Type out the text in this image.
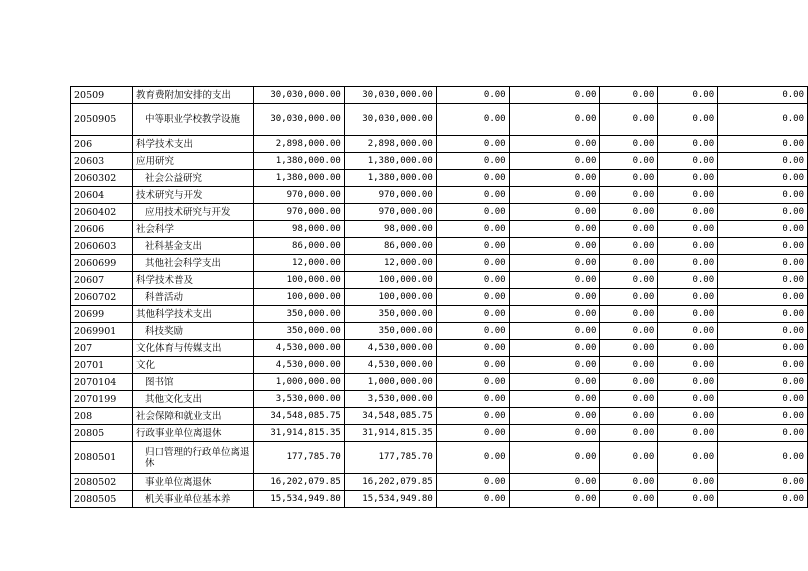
20509	教育费附加安排的支出	30,030,000.00	30,030,000.00	0.00	0.00	0.00	0.00	0.00
2050905	中等职业学校教学设施	30,030,000.00	30,030,000.00	0.00	0.00	0.00	0.00	0.00
206	科学技术支出	2,898,000.00	2,898,000.00	0.00	0.00	0.00	0.00	0.00
20603	应用研究	1,380,000.00	1,380,000.00	0.00	0.00	0.00	0.00	0.00
2060302	社会公益研究	1,380,000.00	1,380,000.00	0.00	0.00	0.00	0.00	0.00
20604	技术研究与开发	970,000.00	970,000.00	0.00	0.00	0.00	0.00	0.00
2060402	应用技术研究与开发	970,000.00	970,000.00	0.00	0.00	0.00	0.00	0.00
20606	社会科学	98,000.00	98,000.00	0.00	0.00	0.00	0.00	0.00
2060603	社科基金支出	86,000.00	86,000.00	0.00	0.00	0.00	0.00	0.00
2060699	其他社会科学支出	12,000.00	12,000.00	0.00	0.00	0.00	0.00	0.00
20607	科学技术普及	100,000.00	100,000.00	0.00	0.00	0.00	0.00	0.00
2060702	科普活动	100,000.00	100,000.00	0.00	0.00	0.00	0.00	0.00
20699	其他科学技术支出	350,000.00	350,000.00	0.00	0.00	0.00	0.00	0.00
2069901	科技奖励	350,000.00	350,000.00	0.00	0.00	0.00	0.00	0.00
207	文化体育与传媒支出	4,530,000.00	4,530,000.00	0.00	0.00	0.00	0.00	0.00
20701	文化	4,530,000.00	4,530,000.00	0.00	0.00	0.00	0.00	0.00
2070104	图书馆	1,000,000.00	1,000,000.00	0.00	0.00	0.00	0.00	0.00
2070199	其他文化支出	3,530,000.00	3,530,000.00	0.00	0.00	0.00	0.00	0.00
208	社会保障和就业支出	34,548,085.75	34,548,085.75	0.00	0.00	0.00	0.00	0.00
20805	行政事业单位离退休	31,914,815.35	31,914,815.35	0.00	0.00	0.00	0.00	0.00
2080501	归口管理的行政单位离退休	177,785.70	177,785.70	0.00	0.00	0.00	0.00	0.00
2080502	事业单位离退休	16,202,079.85	16,202,079.85	0.00	0.00	0.00	0.00	0.00
2080505	机关事业单位基本养	15,534,949.80	15,534,949.80	0.00	0.00	0.00	0.00	0.00
